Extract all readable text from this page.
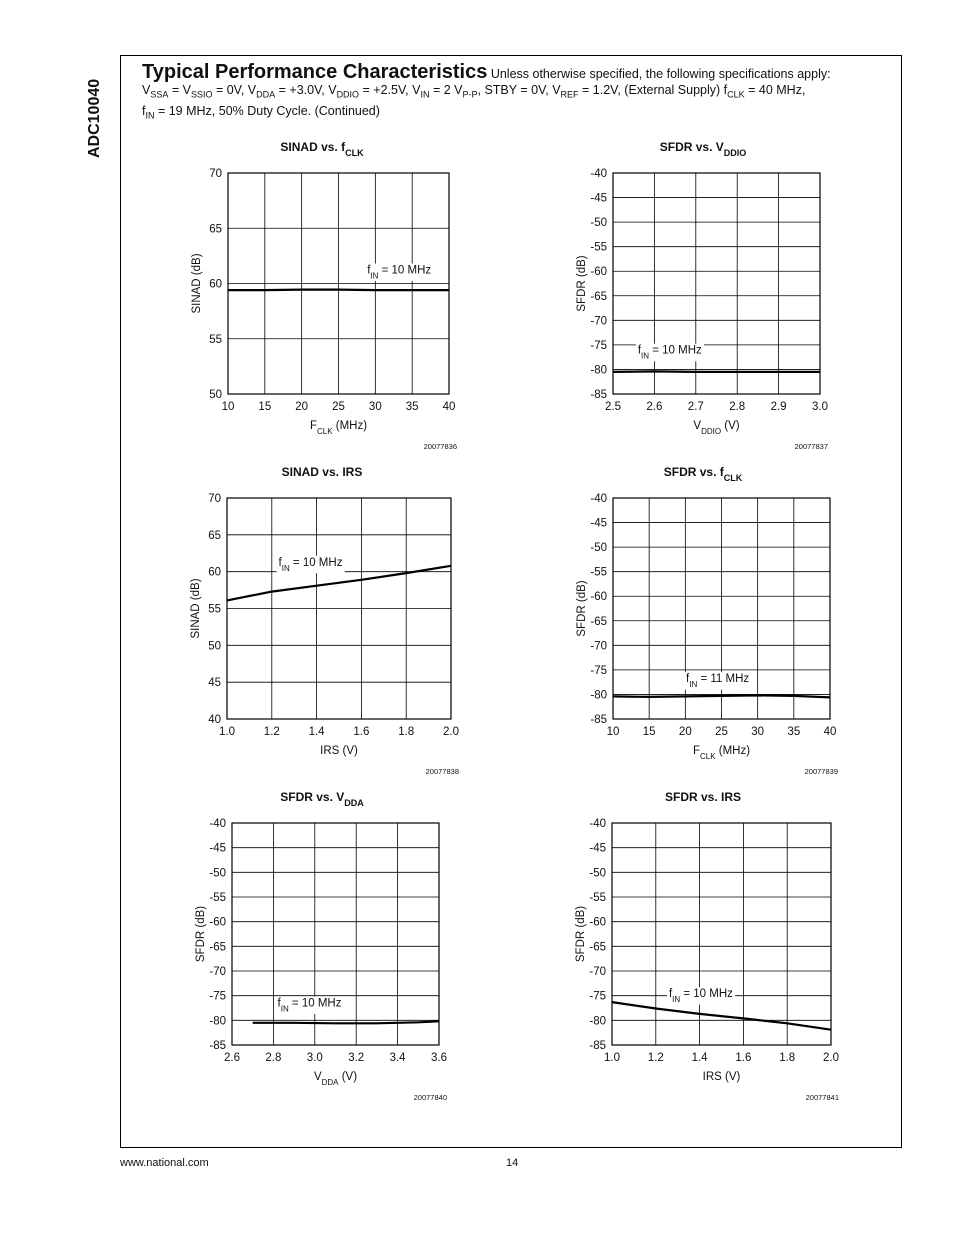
ADC10040
Typical Performance Characteristics Unless otherwise specified, the following specifications apply:
$V_{SSA} = V_{SSIO} = 0V$, $V_{DDA} = +3.0V$, $V_{DDIO} = +2.5V$, $V_{IN} = 2$ $V_{P-P}$, STBY = 0V, $V_{REF} = 1.2V$, (External Supply) $f_{CLK} = 40$ MHz,
$f_{IN} = 19$ MHz, 50% Duty Cycle. (Continued)
10 15 20 25 30 35 40
50
55
60
65
70
$f_{IN} = 10$ MHz
SINAD vs. $f_{CLK}$
$F_{CLK}$ (MHz)
SINAD (dB)
20077836
2.5 2.6 2.7 2.8 2.9 3.0
-85
-80
-75
-70
-65
-60
-55
-50
-45
-40
$f_{IN} = 10$ MHz
SFDR vs. $V_{DDIO}$
$V_{DDIO}$ (V)
SFDR (dB)
20077837
1.0	1.2	1.4	1.6	1.8	2.0
40
45
50
55
60
65
70
$f_{IN} = 10$ MHz
SINAD vs. IRS
IRS (V)
SINAD (dB)
20077838
10 15 20 25 30 35 40
-85
-80
-75
-70
-65
-60
-55
-50
-45
-40
$f_{IN} = 11$ MHz
SFDR vs. $f_{CLK}$
$F_{CLK}$ (MHz)
SFDR (dB)
20077839
2.6 2.8 3.0 3.2 3.4 3.6
-85
-80
-75
-70
-65
-60
-55
-50
-45
-40
$f_{IN} = 10$ MHz
SFDR vs. $V_{DDA}$
$V_{DDA}$ (V)
SFDR (dB)
20077840
1.0 1.2 1.4 1.6 1.8 2.0
-85
-80
-75
-70
-65
-60
-55
-50
-45
-40
$f_{IN} = 10$ MHz
SFDR vs. IRS
IRS (V)
SFDR (dB)
20077841
www.national.com	14
